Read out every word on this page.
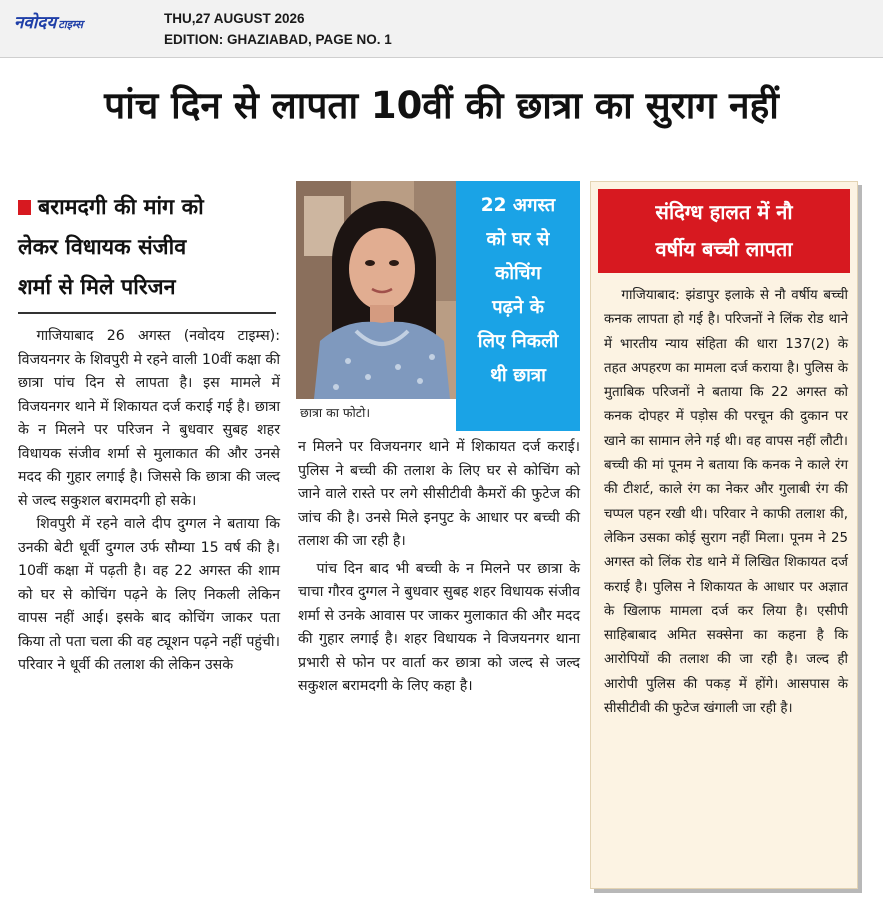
नवोदय टाइम्स	THU,27 AUGUST 2026
EDITION: GHAZIABAD, PAGE NO. 1
पांच दिन से लापता 10वीं की छात्रा का सुराग नहीं
बरामदगी की मांग को
लेकर विधायक संजीव
शर्मा से मिले परिजन

गाजियाबाद 26 अगस्त (नवोदय टाइम्स): विजयनगर के शिवपुरी मे रहने वाली 10वीं कक्षा की छात्रा पांच दिन से लापता है। इस मामले में विजयनगर थाने में शिकायत दर्ज कराई गई है। छात्रा के न मिलने पर परिजन ने बुधवार सुबह शहर विधायक संजीव शर्मा से मुलाकात की और उनसे मदद की गुहार लगाई है। जिससे कि छात्रा की जल्द से जल्द सकुशल बरामदगी हो सके।

शिवपुरी में रहने वाले दीप दुग्गल ने बताया कि उनकी बेटी धूर्वी दुग्गल उर्फ सौम्या 15 वर्ष की है। 10वीं कक्षा में पढ़ती है। वह 22 अगस्त की शाम को घर से कोचिंग पढ़ने के लिए निकली लेकिन वापस नहीं आई। इसके बाद कोचिंग जाकर पता किया तो पता चला की वह ट्यूशन पढ़ने नहीं पहुंची। परिवार ने धूर्वी की तलाश की लेकिन उसके

छात्रा का फोटो।
22 अगस्त
को घर से
कोचिंग
पढ़ने के
लिए निकली
थी छात्रा

न मिलने पर विजयनगर थाने में शिकायत दर्ज कराई। पुलिस ने बच्ची की तलाश के लिए घर से कोचिंग को जाने वाले रास्ते पर लगे सीसीटीवी कैमरों की फुटेज की जांच की है। उनसे मिले इनपुट के आधार पर बच्ची की तलाश की जा रही है।

पांच दिन बाद भी बच्ची के न मिलने पर छात्रा के चाचा गौरव दुग्गल ने बुधवार सुबह शहर विधायक संजीव शर्मा से उनके आवास पर जाकर मुलाकात की और मदद की गुहार लगाई है। शहर विधायक ने विजयनगर थाना प्रभारी से फोन पर वार्ता कर छात्रा को जल्द से जल्द सकुशल बरामदगी के लिए कहा है।

संदिग्ध हालत में नौ
वर्षीय बच्ची लापता

गाजियाबाद: झंडापुर इलाके से नौ वर्षीय बच्ची कनक लापता हो गई है। परिजनों ने लिंक रोड थाने में भारतीय न्याय संहिता की धारा 137(2) के तहत अपहरण का मामला दर्ज कराया है। पुलिस के मुताबिक परिजनों ने बताया कि 22 अगस्त को कनक दोपहर में पड़ोस की परचून की दुकान पर खाने का सामान लेने गई थी। वह वापस नहीं लौटी। बच्ची की मां पूनम ने बताया कि कनक ने काले रंग की टीशर्ट, काले रंग का नेकर और गुलाबी रंग की चप्पल पहन रखी थी। परिवार ने काफी तलाश की, लेकिन उसका कोई सुराग नहीं मिला। पूनम ने 25 अगस्त को लिंक रोड थाने में लिखित शिकायत दर्ज कराई है। पुलिस ने शिकायत के आधार पर अज्ञात के खिलाफ मामला दर्ज कर लिया है। एसीपी साहिबाबाद अमित सक्सेना का कहना है कि आरोपियों की तलाश की जा रही है। जल्द ही आरोपी पुलिस की पकड़ में होंगे। आसपास के सीसीटीवी की फुटेज खंगाली जा रही है।
